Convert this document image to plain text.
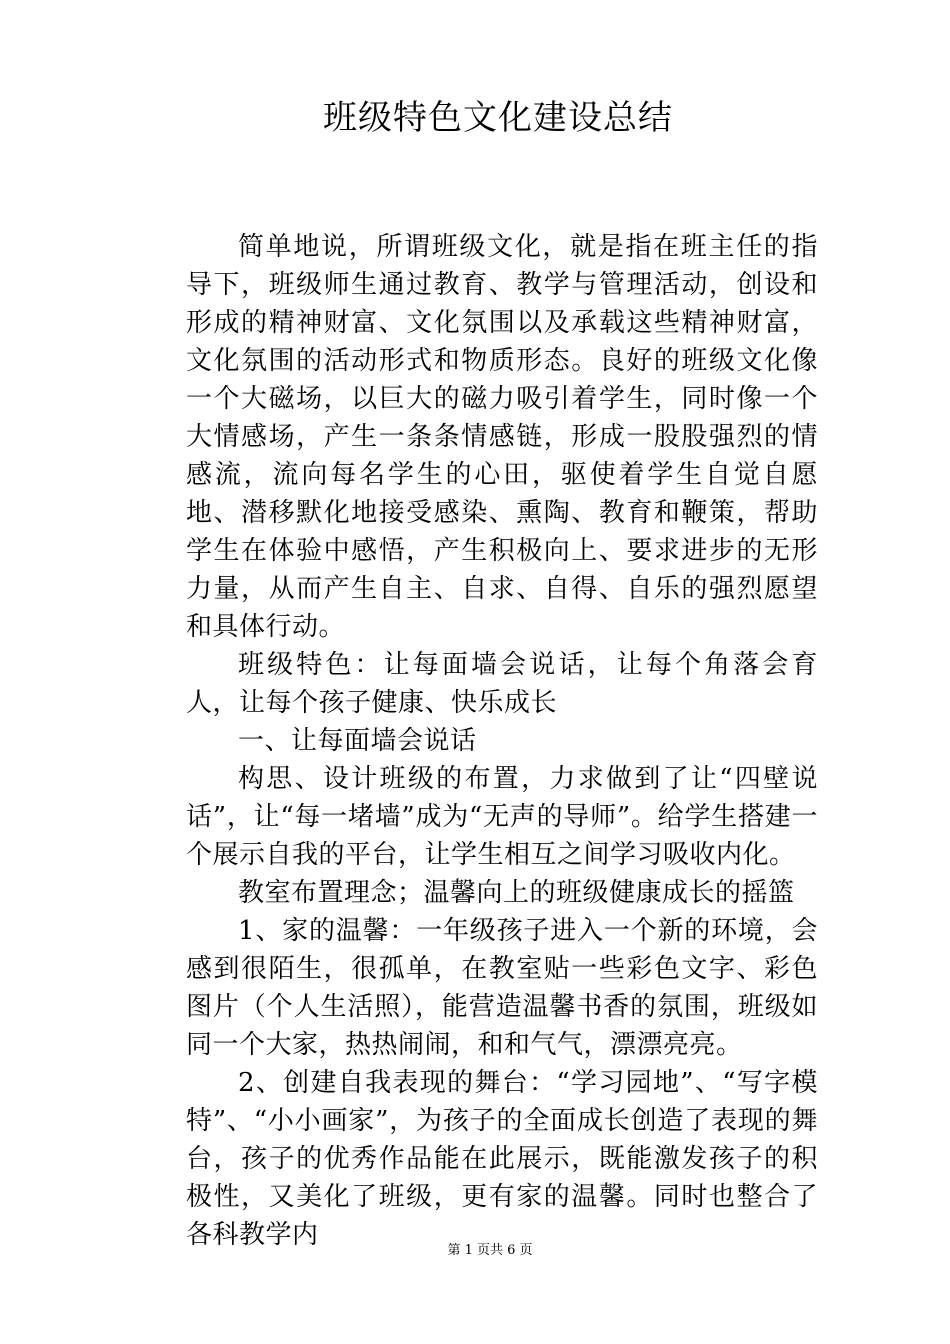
班级特色文化建设总结

简单地说，所谓班级文化，就是指在班主任的指导下，班级师生通过教育、教学与管理活动，创设和形成的精神财富、文化氛围以及承载这些精神财富，文化氛围的活动形式和物质形态。良好的班级文化像一个大磁场，以巨大的磁力吸引着学生，同时像一个大情感场，产生一条条情感链，形成一股股强烈的情感流，流向每名学生的心田，驱使着学生自觉自愿地、潜移默化地接受感染、熏陶、教育和鞭策，帮助学生在体验中感悟，产生积极向上、要求进步的无形力量，从而产生自主、自求、自得、自乐的强烈愿望和具体行动。

班级特色：让每面墙会说话，让每个角落会育人，让每个孩子健康、快乐成长

一、让每面墙会说话

构思、设计班级的布置，力求做到了让“四壁说话”，让“每一堵墙”成为“无声的导师”。给学生搭建一个展示自我的平台，让学生相互之间学习吸收内化。

教室布置理念；温馨向上的班级健康成长的摇篮

1、家的温馨：一年级孩子进入一个新的环境，会感到很陌生，很孤单，在教室贴一些彩色文字、彩色图片（个人生活照），能营造温馨书香的氛围，班级如同一个大家，热热闹闹，和和气气，漂漂亮亮。

2、创建自我表现的舞台：“学习园地”、“写字模特”、“小小画家”，为孩子的全面成长创造了表现的舞台，孩子的优秀作品能在此展示，既能激发孩子的积极性，又美化了班级，更有家的温馨。同时也整合了各科教学内

第 1 页共 6 页
